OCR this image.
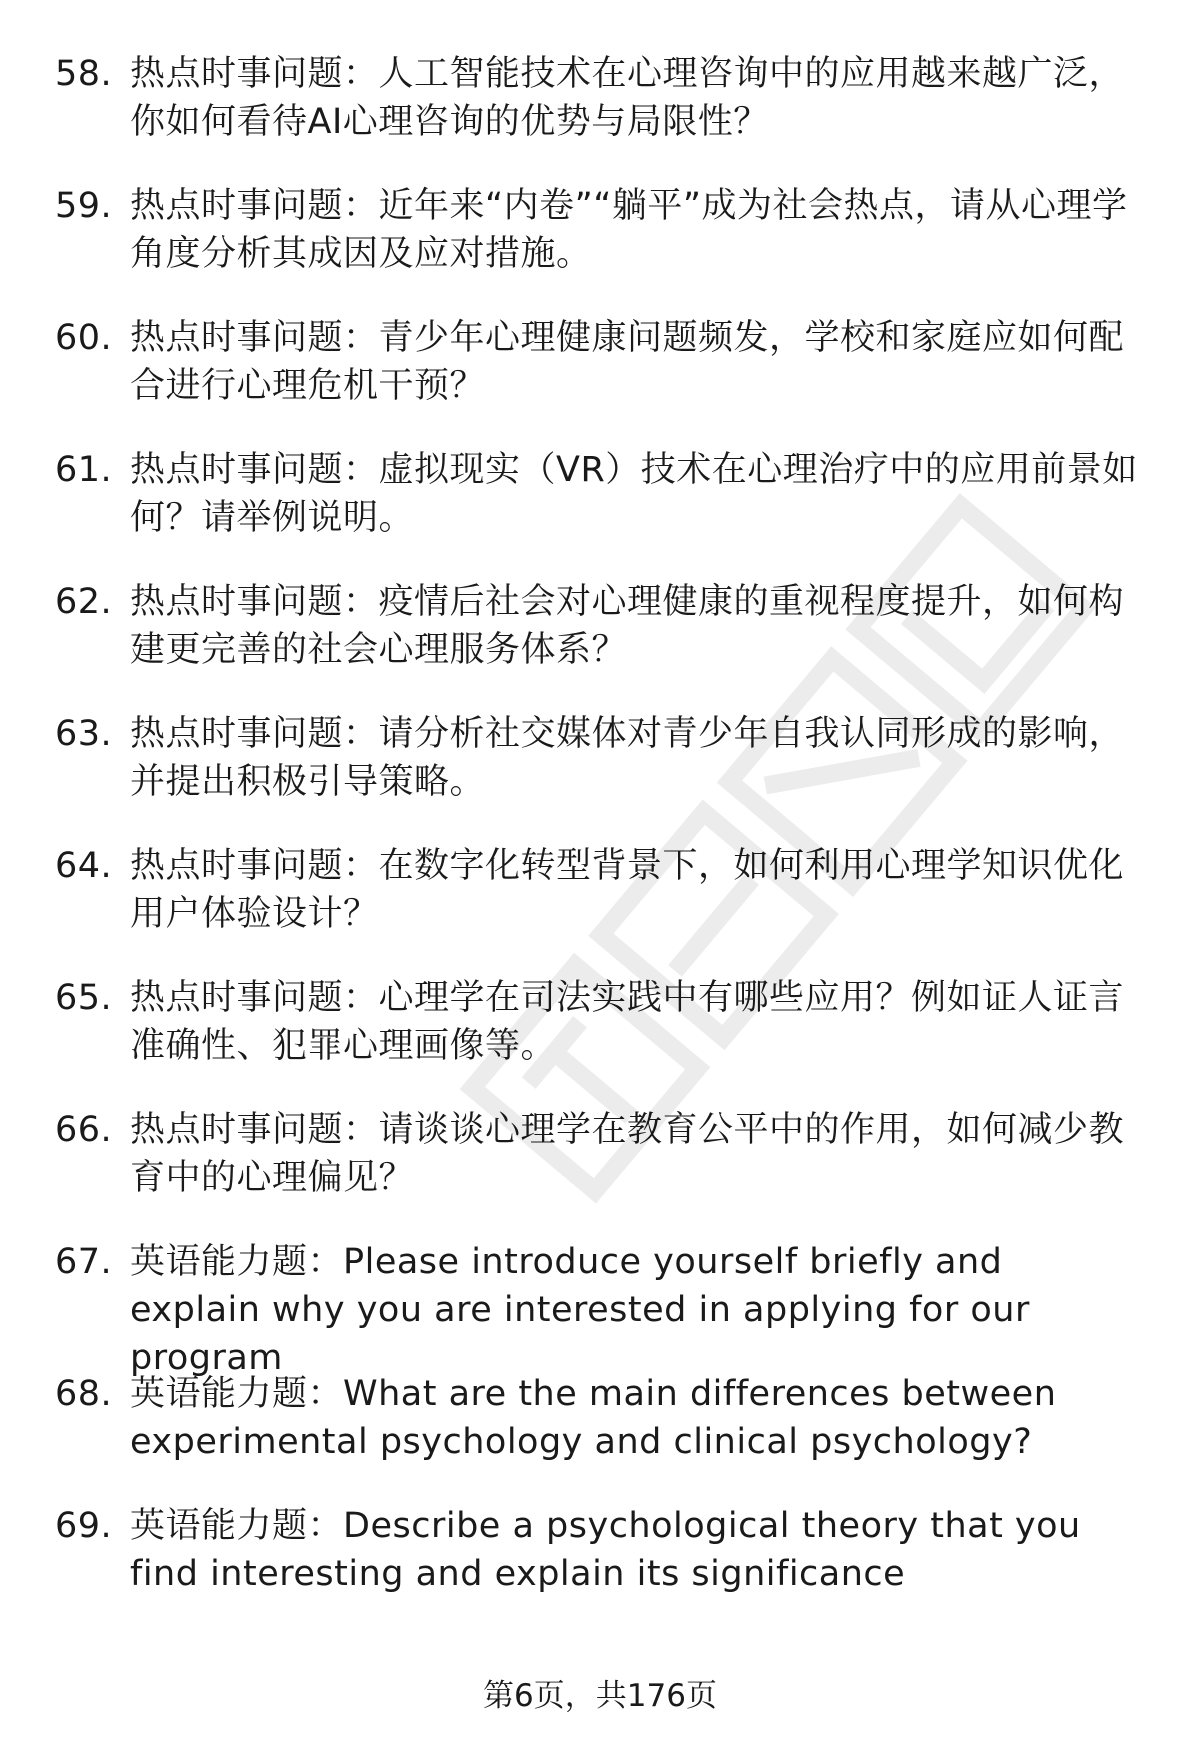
58. 热点时事问题：人工智能技术在心理咨询中的应用越来越广泛，你如何看待AI心理咨询的优势与局限性？
59. 热点时事问题：近年来“内卷”“躺平”成为社会热点，请从心理学角度分析其成因及应对措施。
60. 热点时事问题：青少年心理健康问题频发，学校和家庭应如何配合进行心理危机干预？
61. 热点时事问题：虚拟现实（VR）技术在心理治疗中的应用前景如何？请举例说明。
62. 热点时事问题：疫情后社会对心理健康的重视程度提升，如何构建更完善的社会心理服务体系？
63. 热点时事问题：请分析社交媒体对青少年自我认同形成的影响，并提出积极引导策略。
64. 热点时事问题：在数字化转型背景下，如何利用心理学知识优化用户体验设计？
65. 热点时事问题：心理学在司法实践中有哪些应用？例如证人证言准确性、犯罪心理画像等。
66. 热点时事问题：请谈谈心理学在教育公平中的作用，如何减少教育中的心理偏见？
67. 英语能力题：Please introduce yourself briefly and explain why you are interested in applying for our program
68. 英语能力题：What are the main differences between experimental psychology and clinical psychology?
69. 英语能力题：Describe a psychological theory that you find interesting and explain its significance
第6页，共176页
